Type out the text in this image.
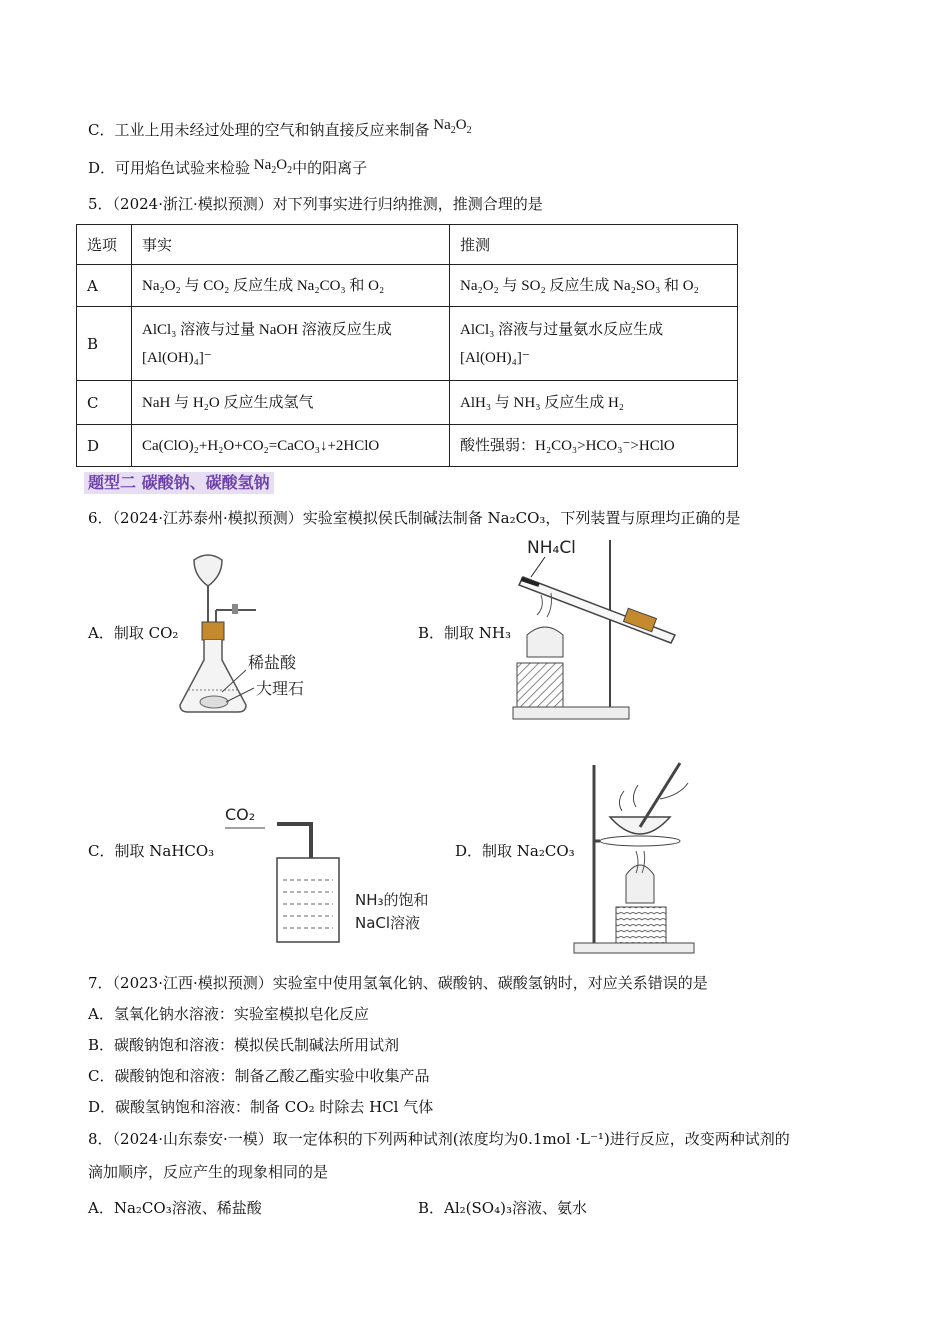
C．工业上用未经过处理的空气和钠直接反应来制备 $Na_2O_2$
D．可用焰色试验来检验 $Na_2O_2$中的阳离子
5．（2024·浙江·模拟预测）对下列事实进行归纳推测，推测合理的是
选项	事实	推测
A	Na₂O₂ 与 CO₂ 反应生成 Na₂CO₃ 和 O₂	Na₂O₂ 与 SO₂ 反应生成 Na₂SO₃ 和 O₂
B	AlCl₃ 溶液与过量 NaOH 溶液反应生成 [Al(OH)₄]⁻	AlCl₃ 溶液与过量氨水反应生成 [Al(OH)₄]⁻
C	NaH 与 H₂O 反应生成氢气	AlH₃ 与 NH₃ 反应生成 H₂
D	Ca(ClO)₂+H₂O+CO₂=CaCO₃↓+2HClO	酸性强弱：H₂CO₃>HCO₃⁻>HClO
题型二 碳酸钠、碳酸氢钠
6．（2024·江苏泰州·模拟预测）实验室模拟侯氏制碱法制备 Na₂CO₃，下列装置与原理均正确的是
A．制取 CO₂	B．制取 NH₃
C．制取 NaHCO₃	D．制取 Na₂CO₃
稀盐酸
大理石
NH₄Cl
CO₂
NH₃的饱和
NaCl溶液
7．（2023·江西·模拟预测）实验室中使用氢氧化钠、碳酸钠、碳酸氢钠时，对应关系错误的是
A．氢氧化钠水溶液：实验室模拟皂化反应
B．碳酸钠饱和溶液：模拟侯氏制碱法所用试剂
C．碳酸钠饱和溶液：制备乙酸乙酯实验中收集产品
D．碳酸氢钠饱和溶液：制备 CO₂ 时除去 HCl 气体
8．（2024·山东泰安·一模）取一定体积的下列两种试剂(浓度均为0.1mol ·L⁻¹)进行反应，改变两种试剂的
滴加顺序，反应产生的现象相同的是
A．Na₂CO₃溶液、稀盐酸	B．Al₂(SO₄)₃溶液、氨水
